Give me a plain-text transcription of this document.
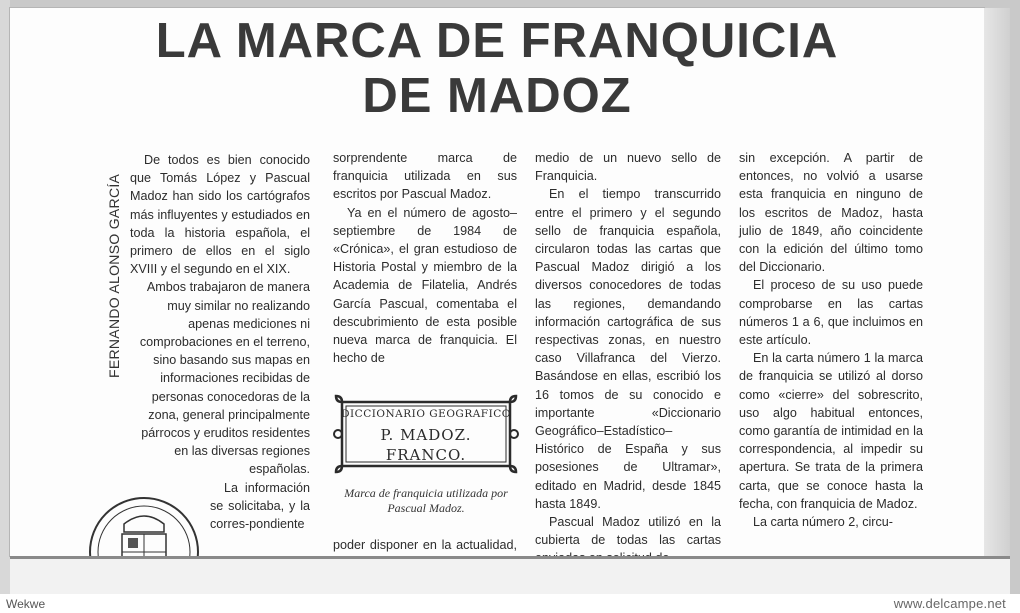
LA MARCA DE FRANQUICIA
DE MADOZ
FERNANDO ALONSO GARCÍA

De todos es bien conocido que Tomás López y Pascual Madoz han sido los cartógrafos más influyentes y estudiados en toda la historia española, el primero de ellos en el siglo XVIII y el segundo en el XIX.

Ambos trabajaron de manera muy similar no realizando apenas mediciones ni comprobaciones en el terreno, sino basando sus mapas en informaciones recibidas de personas conocedoras de la zona, general principalmente párrocos y eruditos residentes en las diversas regiones españolas.

La información se solicitaba, y la corres-pondiente

sorprendente marca de franquicia utilizada en sus escritos por Pascual Madoz.

Ya en el número de agosto–septiembre de 1984 de «Crónica», el gran estudioso de Historia Postal y miembro de la Academia de Filatelia, Andrés García Pascual, comentaba el descubrimiento de esta posible nueva marca de franquicia. El hecho de

DICCIONARIO GEOGRAFICO
P. MADOZ.
FRANCO.
Marca de franquicia utilizada por Pascual Madoz.

poder disponer en la actualidad,

medio de un nuevo sello de Franquicia.

En el tiempo transcurrido entre el primero y el segundo sello de franquicia española, circularon todas las cartas que Pascual Madoz dirigió a los diversos conocedores de todas las regiones, demandando información cartográfica de sus respectivas zonas, en nuestro caso Villafranca del Vierzo. Basándose en ellas, escribió los 16 tomos de su conocido e importante «Diccionario Geográfico–Estadístico–Histórico de España y sus posesiones de Ultramar», editado en Madrid, desde 1845 hasta 1849.

Pascual Madoz utilizó en la cubierta de todas las cartas

sin excepción. A partir de entonces, no volvió a usarse esta franquicia en ninguno de los escritos de Madoz, hasta julio de 1849, año coincidente con la edición del último tomo del Diccionario.

El proceso de su uso puede comprobarse en las cartas números 1 a 6, que incluimos en este artículo.

En la carta número 1 la marca de franquicia se utilizó al dorso como «cierre» del sobrescrito, uso algo habitual entonces, como garantía de intimidad en la correspondencia, al impedir su apertura. Se trata de la primera carta, que se conoce hasta la fecha, con franquicia de Madoz.

La carta número 2, circu-

Wekwe	www.delcampe.net
